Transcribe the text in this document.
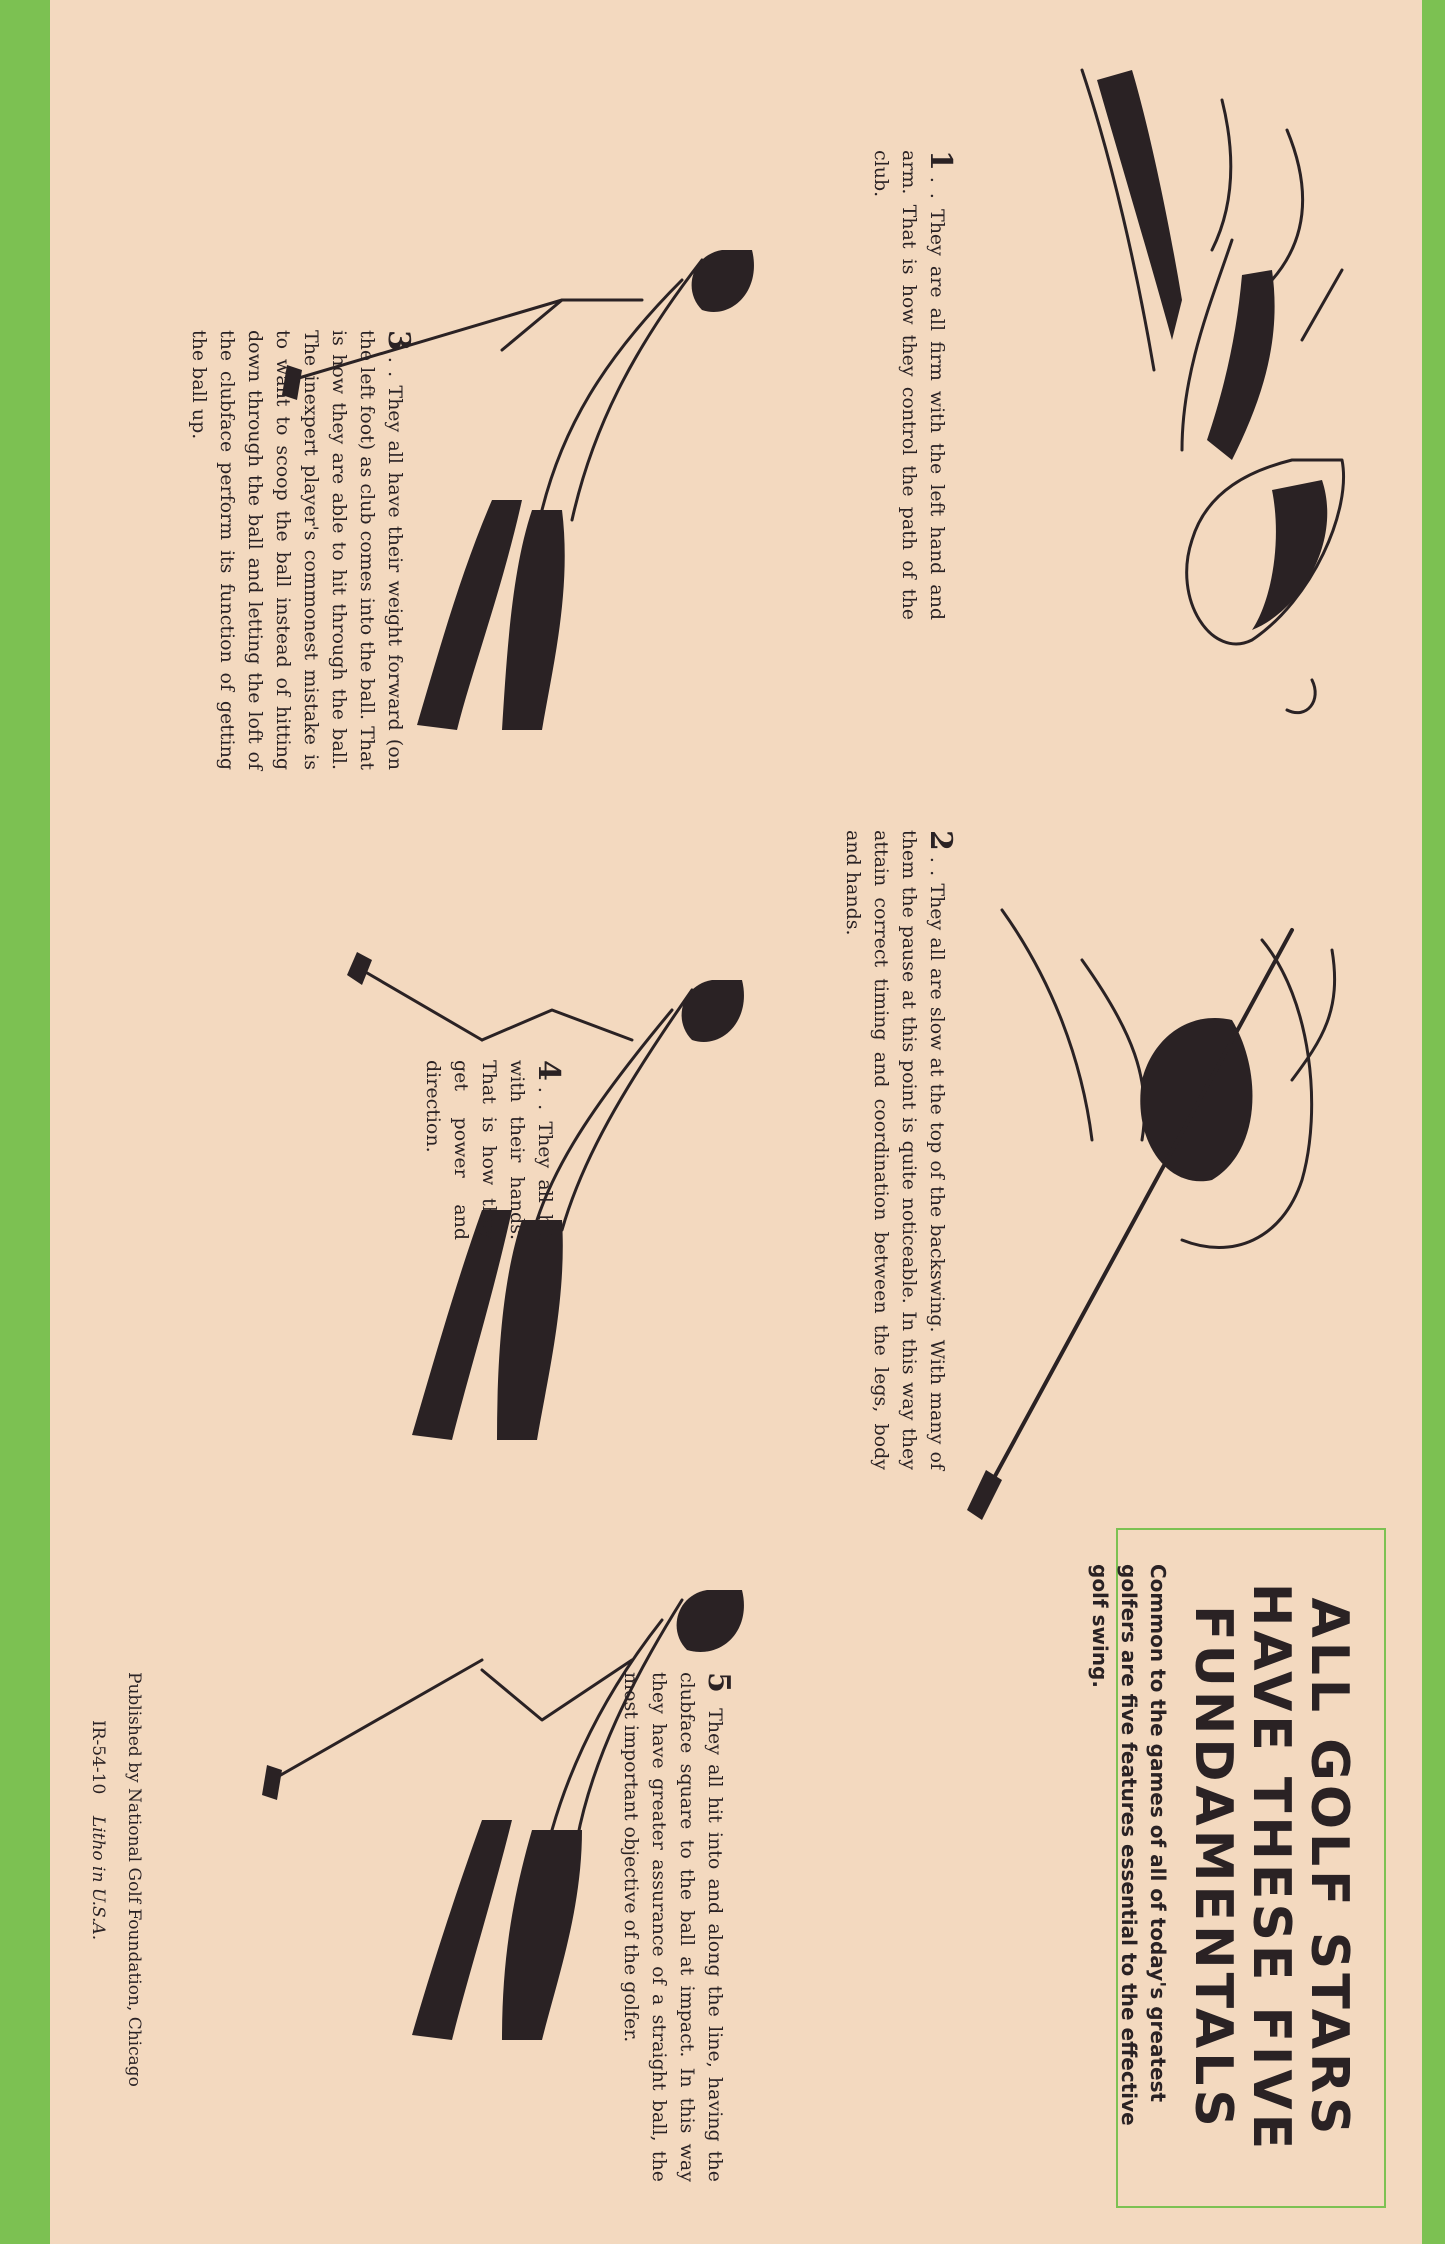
ALL GOLF STARS HAVE THESE FIVE FUNDAMENTALS
Common to the games of all of today's greatest golfers are five features essential to the effective golf swing.
1. . They are all firm with the left hand and arm. That is how they control the path of the club.
2. . They all are slow at the top of the backswing. With many of them the pause at this point is quite noticeable. In this way they attain correct timing and coordination between the legs, body and hands.
3. . They all have their weight forward (on the left foot) as club comes into the ball. That is how they are able to hit through the ball. The inexpert player's commonest mistake is to want to scoop the ball instead of hitting down through the ball and letting the loft of the clubface perform its function of getting the ball up.
4. . They all hit with their hands. That is how they get power and direction.
5 They all hit into and along the line, having the clubface square to the ball at impact. In this way they have greater assurance of a straight ball, the most important objective of the golfer.
Published by National Golf Foundation, Chicago
IR-54-10    Litho in U.S.A.
